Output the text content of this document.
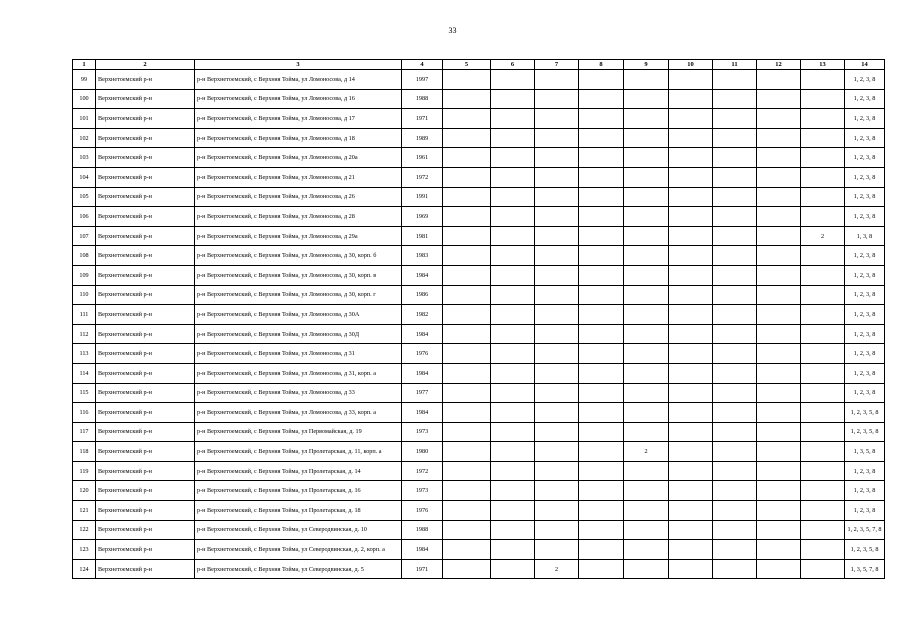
33
1	2	3	4	5	6	7	8	9	10	11	12	13	14
99	Верхнетоемский р-н	р-н Верхнетоемский, с Верхняя Тойма, ул Ломоносова, д 14	1997										1, 2, 3, 8
100	Верхнетоемский р-н	р-н Верхнетоемский, с Верхняя Тойма, ул Ломоносова, д 16	1988										1, 2, 3, 8
101	Верхнетоемский р-н	р-н Верхнетоемский, с Верхняя Тойма, ул Ломоносова, д 17	1971										1, 2, 3, 8
102	Верхнетоемский р-н	р-н Верхнетоемский, с Верхняя Тойма, ул Ломоносова, д 18	1989										1, 2, 3, 8
103	Верхнетоемский р-н	р-н Верхнетоемский, с Верхняя Тойма, ул Ломоносова, д 20а	1961										1, 2, 3, 8
104	Верхнетоемский р-н	р-н Верхнетоемский, с Верхняя Тойма, ул Ломоносова, д 21	1972										1, 2, 3, 8
105	Верхнетоемский р-н	р-н Верхнетоемский, с Верхняя Тойма, ул Ломоносова, д 26	1991										1, 2, 3, 8
106	Верхнетоемский р-н	р-н Верхнетоемский, с Верхняя Тойма, ул Ломоносова, д 28	1969										1, 2, 3, 8
107	Верхнетоемский р-н	р-н Верхнетоемский, с Верхняя Тойма, ул Ломоносова, д 29а	1981									2	1, 3, 8
108	Верхнетоемский р-н	р-н Верхнетоемский, с Верхняя Тойма, ул Ломоносова, д 30, корп. б	1983										1, 2, 3, 8
109	Верхнетоемский р-н	р-н Верхнетоемский, с Верхняя Тойма, ул Ломоносова, д 30, корп. в	1984										1, 2, 3, 8
110	Верхнетоемский р-н	р-н Верхнетоемский, с Верхняя Тойма, ул Ломоносова, д 30, корп. г	1986										1, 2, 3, 8
111	Верхнетоемский р-н	р-н Верхнетоемский, с Верхняя Тойма, ул Ломоносова, д 30А	1982										1, 2, 3, 8
112	Верхнетоемский р-н	р-н Верхнетоемский, с Верхняя Тойма, ул Ломоносова, д 30Д	1984										1, 2, 3, 8
113	Верхнетоемский р-н	р-н Верхнетоемский, с Верхняя Тойма, ул Ломоносова, д 31	1976										1, 2, 3, 8
114	Верхнетоемский р-н	р-н Верхнетоемский, с Верхняя Тойма, ул Ломоносова, д 31, корп. а	1984										1, 2, 3, 8
115	Верхнетоемский р-н	р-н Верхнетоемский, с Верхняя Тойма, ул Ломоносова, д 33	1977										1, 2, 3, 8
116	Верхнетоемский р-н	р-н Верхнетоемский, с Верхняя Тойма, ул Ломоносова, д 33, корп. а	1984										1, 2, 3, 5, 8
117	Верхнетоемский р-н	р-н Верхнетоемский, с Верхняя Тойма, ул Первомайская, д. 19	1973										1, 2, 3, 5, 8
118	Верхнетоемский р-н	р-н Верхнетоемский, с Верхняя Тойма, ул Пролетарская, д. 11, корп. а	1980					2					1, 3, 5, 8
119	Верхнетоемский р-н	р-н Верхнетоемский, с Верхняя Тойма, ул Пролетарская, д. 14	1972										1, 2, 3, 8
120	Верхнетоемский р-н	р-н Верхнетоемский, с Верхняя Тойма, ул Пролетарская, д. 16	1973										1, 2, 3, 8
121	Верхнетоемский р-н	р-н Верхнетоемский, с Верхняя Тойма, ул Пролетарская, д. 18	1976										1, 2, 3, 8
122	Верхнетоемский р-н	р-н Верхнетоемский, с Верхняя Тойма, ул Северодвинская, д. 10	1988										1, 2, 3, 5, 7, 8
123	Верхнетоемский р-н	р-н Верхнетоемский, с Верхняя Тойма, ул Северодвинская, д. 2, корп. а	1984										1, 2, 3, 5, 8
124	Верхнетоемский р-н	р-н Верхнетоемский, с Верхняя Тойма, ул Северодвинская, д. 5	1971			2							1, 3, 5, 7, 8
